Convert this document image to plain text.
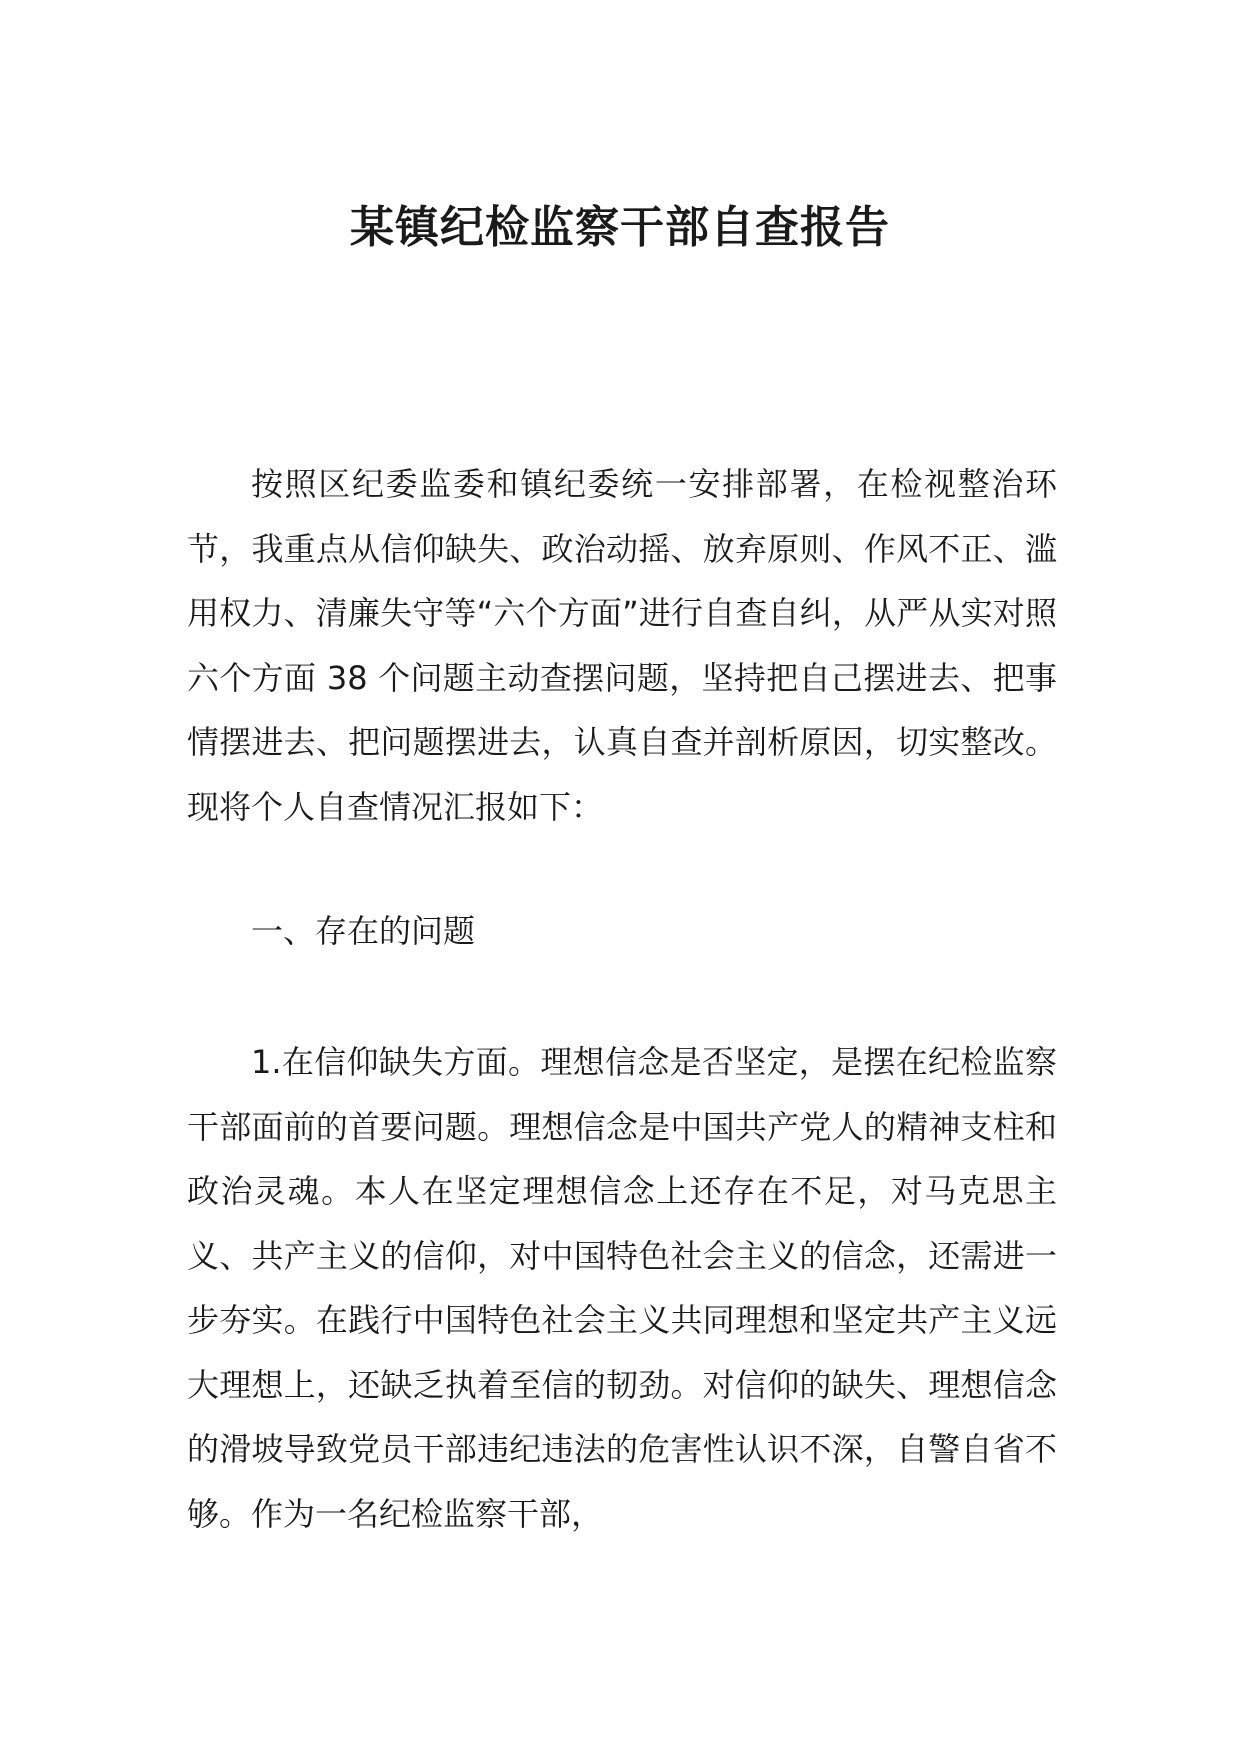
某镇纪检监察干部自查报告

按照区纪委监委和镇纪委统一安排部署，在检视整治环节，我重点从信仰缺失、政治动摇、放弃原则、作风不正、滥用权力、清廉失守等“六个方面”进行自查自纠，从严从实对照六个方面 38 个问题主动查摆问题，坚持把自己摆进去、把事情摆进去、把问题摆进去，认真自查并剖析原因，切实整改。现将个人自查情况汇报如下：

一、存在的问题

1.在信仰缺失方面。理想信念是否坚定，是摆在纪检监察干部面前的首要问题。理想信念是中国共产党人的精神支柱和政治灵魂。本人在坚定理想信念上还存在不足，对马克思主义、共产主义的信仰，对中国特色社会主义的信念，还需进一步夯实。在践行中国特色社会主义共同理想和坚定共产主义远大理想上，还缺乏执着至信的韧劲。对信仰的缺失、理想信念的滑坡导致党员干部违纪违法的危害性认识不深，自警自省不够。作为一名纪检监察干部，
